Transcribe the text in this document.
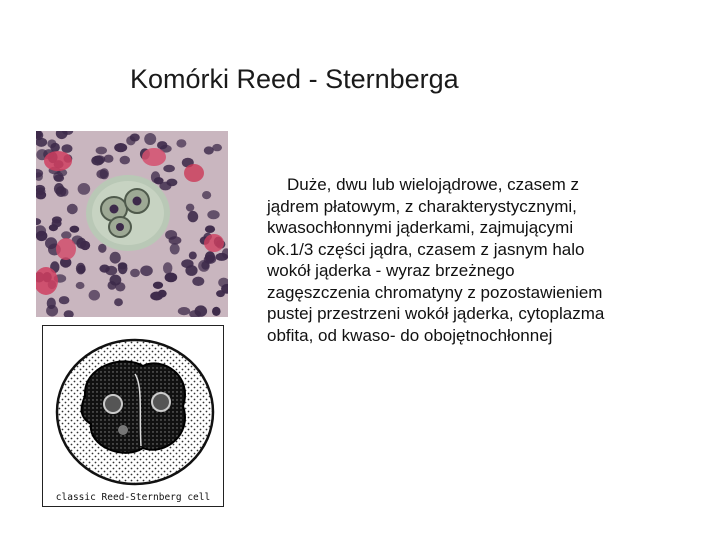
Komórki Reed - Sternberga
classic Reed-Sternberg cell
Duże, dwu lub wielojądrowe, czasem z
jądrem płatowym, z charakterystycznymi,
kwasochłonnymi jąderkami, zajmującymi
ok.1/3 części jądra, czasem z jasnym halo
wokół jąderka - wyraz brzeżnego
zagęszczenia chromatyny z pozostawieniem
pustej przestrzeni wokół jąderka, cytoplazma
obfita, od kwaso- do obojętnochłonnej
